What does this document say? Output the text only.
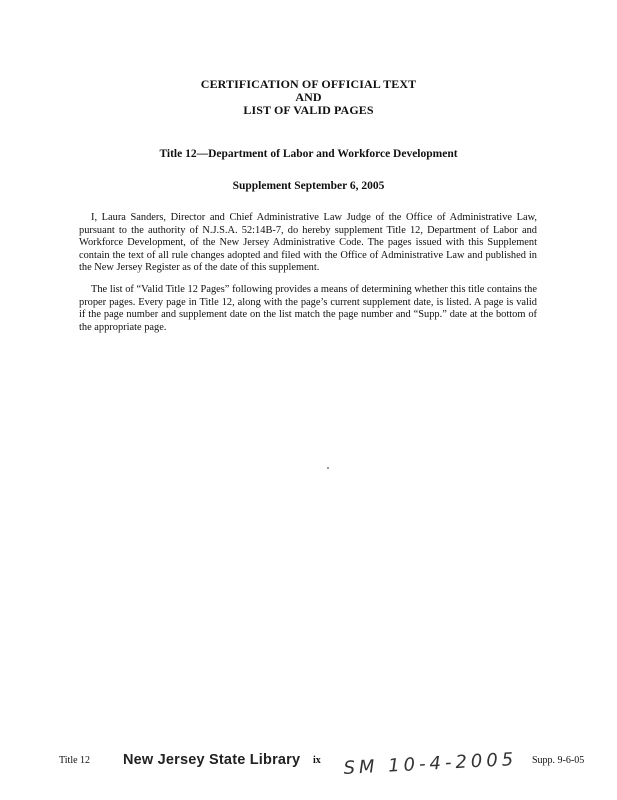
CERTIFICATION OF OFFICIAL TEXT
AND
LIST OF VALID PAGES
Title 12—Department of Labor and Workforce Development
Supplement September 6, 2005

I, Laura Sanders, Director and Chief Administrative Law Judge of the Office of Administrative Law, pursuant to the authority of N.J.S.A. 52:14B-7, do hereby supplement Title 12, Department of Labor and Workforce Development, of the New Jersey Administrative Code. The pages issued with this Supplement contain the text of all rule changes adopted and filed with the Office of Administrative Law and published in the New Jersey Register as of the date of this supplement.

The list of “Valid Title 12 Pages” following provides a means of determining whether this title contains the proper pages. Every page in Title 12, along with the page’s current supplement date, is listed. A page is valid if the page number and supplement date on the list match the page number and “Supp.” date at the bottom of the appropriate page.

Title 12 New Jersey State Library ix SM 10-4-2005 Supp. 9-6-05
